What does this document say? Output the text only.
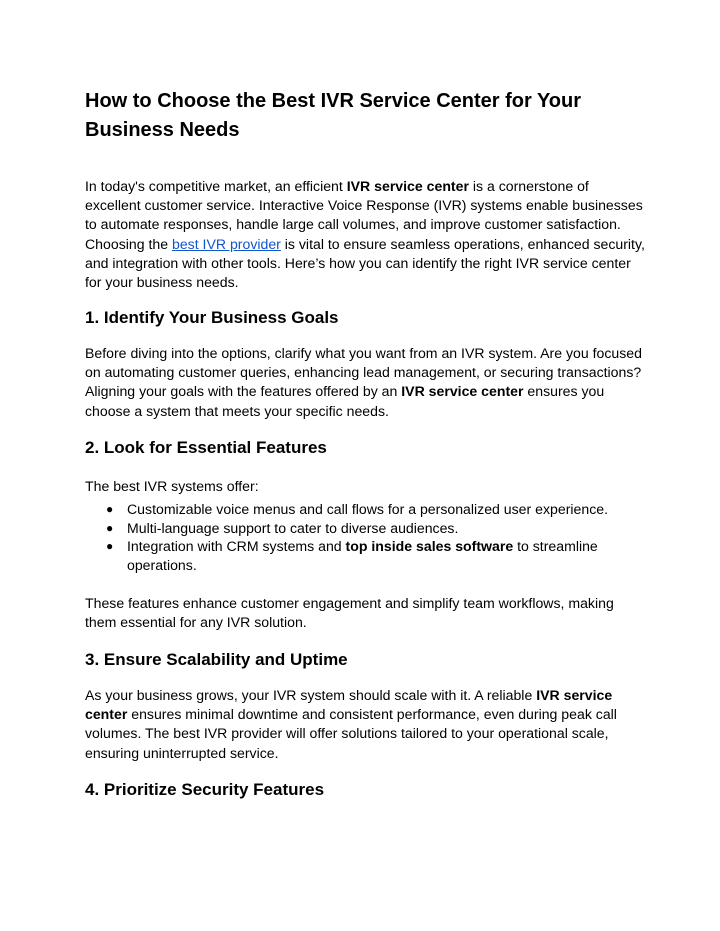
How to Choose the Best IVR Service Center for Your Business Needs

In today's competitive market, an efficient IVR service center is a cornerstone of excellent customer service. Interactive Voice Response (IVR) systems enable businesses to automate responses, handle large call volumes, and improve customer satisfaction. Choosing the best IVR provider is vital to ensure seamless operations, enhanced security, and integration with other tools. Here’s how you can identify the right IVR service center for your business needs.

1. Identify Your Business Goals

Before diving into the options, clarify what you want from an IVR system. Are you focused on automating customer queries, enhancing lead management, or securing transactions? Aligning your goals with the features offered by an IVR service center ensures you choose a system that meets your specific needs.

2. Look for Essential Features

The best IVR systems offer:

● Customizable voice menus and call flows for a personalized user experience.
● Multi-language support to cater to diverse audiences.
● Integration with CRM systems and top inside sales software to streamline operations.

These features enhance customer engagement and simplify team workflows, making them essential for any IVR solution.

3. Ensure Scalability and Uptime

As your business grows, your IVR system should scale with it. A reliable IVR service center ensures minimal downtime and consistent performance, even during peak call volumes. The best IVR provider will offer solutions tailored to your operational scale, ensuring uninterrupted service.

4. Prioritize Security Features
